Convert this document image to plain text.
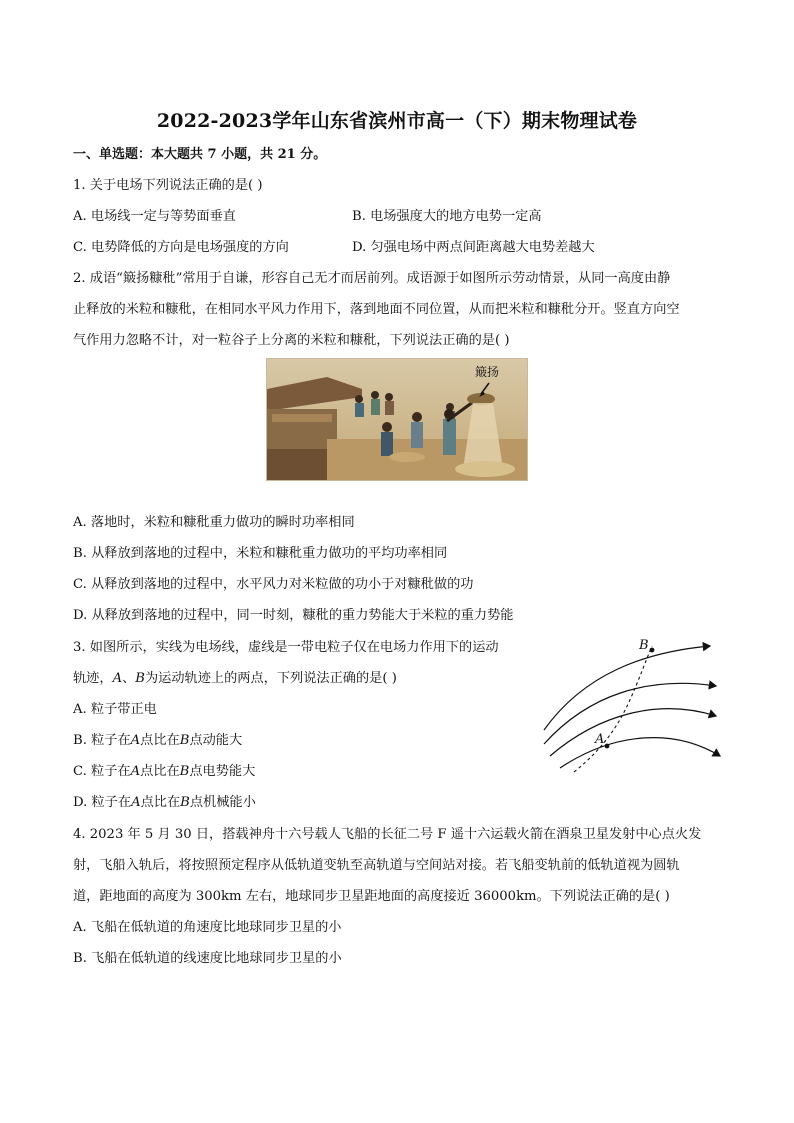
2022-2023学年山东省滨州市高一（下）期末物理试卷
一、单选题：本大题共 7 小题，共 21 分。
1. 关于电场下列说法正确的是( )
A. 电场线一定与等势面垂直	B. 电场强度大的地方电势一定高
C. 电势降低的方向是电场强度的方向	D. 匀强电场中两点间距离越大电势差越大
2. 成语“簸扬糠秕”常用于自谦，形容自己无才而居前列。成语源于如图所示劳动情景，从同一高度由静
止释放的米粒和糠秕，在相同水平风力作用下，落到地面不同位置，从而把米粒和糠秕分开。竖直方向空
气作用力忽略不计，对一粒谷子上分离的米粒和糠秕，下列说法正确的是( )
簸扬
A. 落地时，米粒和糠秕重力做功的瞬时功率相同
B. 从释放到落地的过程中，米粒和糠秕重力做功的平均功率相同
C. 从释放到落地的过程中，水平风力对米粒做的功小于对糠秕做的功
D. 从释放到落地的过程中，同一时刻，糠秕的重力势能大于米粒的重力势能
3. 如图所示，实线为电场线，虚线是一带电粒子仅在电场力作用下的运动
轨迹，A、B为运动轨迹上的两点，下列说法正确的是( )
A. 粒子带正电
B. 粒子在A点比在B点动能大
C. 粒子在A点比在B点电势能大
D. 粒子在A点比在B点机械能小
A
B
4. 2023 年 5 月 30 日，搭载神舟十六号载人飞船的长征二号 F 遥十六运载火箭在酒泉卫星发射中心点火发
射，飞船入轨后，将按照预定程序从低轨道变轨至高轨道与空间站对接。若飞船变轨前的低轨道视为圆轨
道，距地面的高度为 300km 左右，地球同步卫星距地面的高度接近 36000km。下列说法正确的是( )
A. 飞船在低轨道的角速度比地球同步卫星的小
B. 飞船在低轨道的线速度比地球同步卫星的小
